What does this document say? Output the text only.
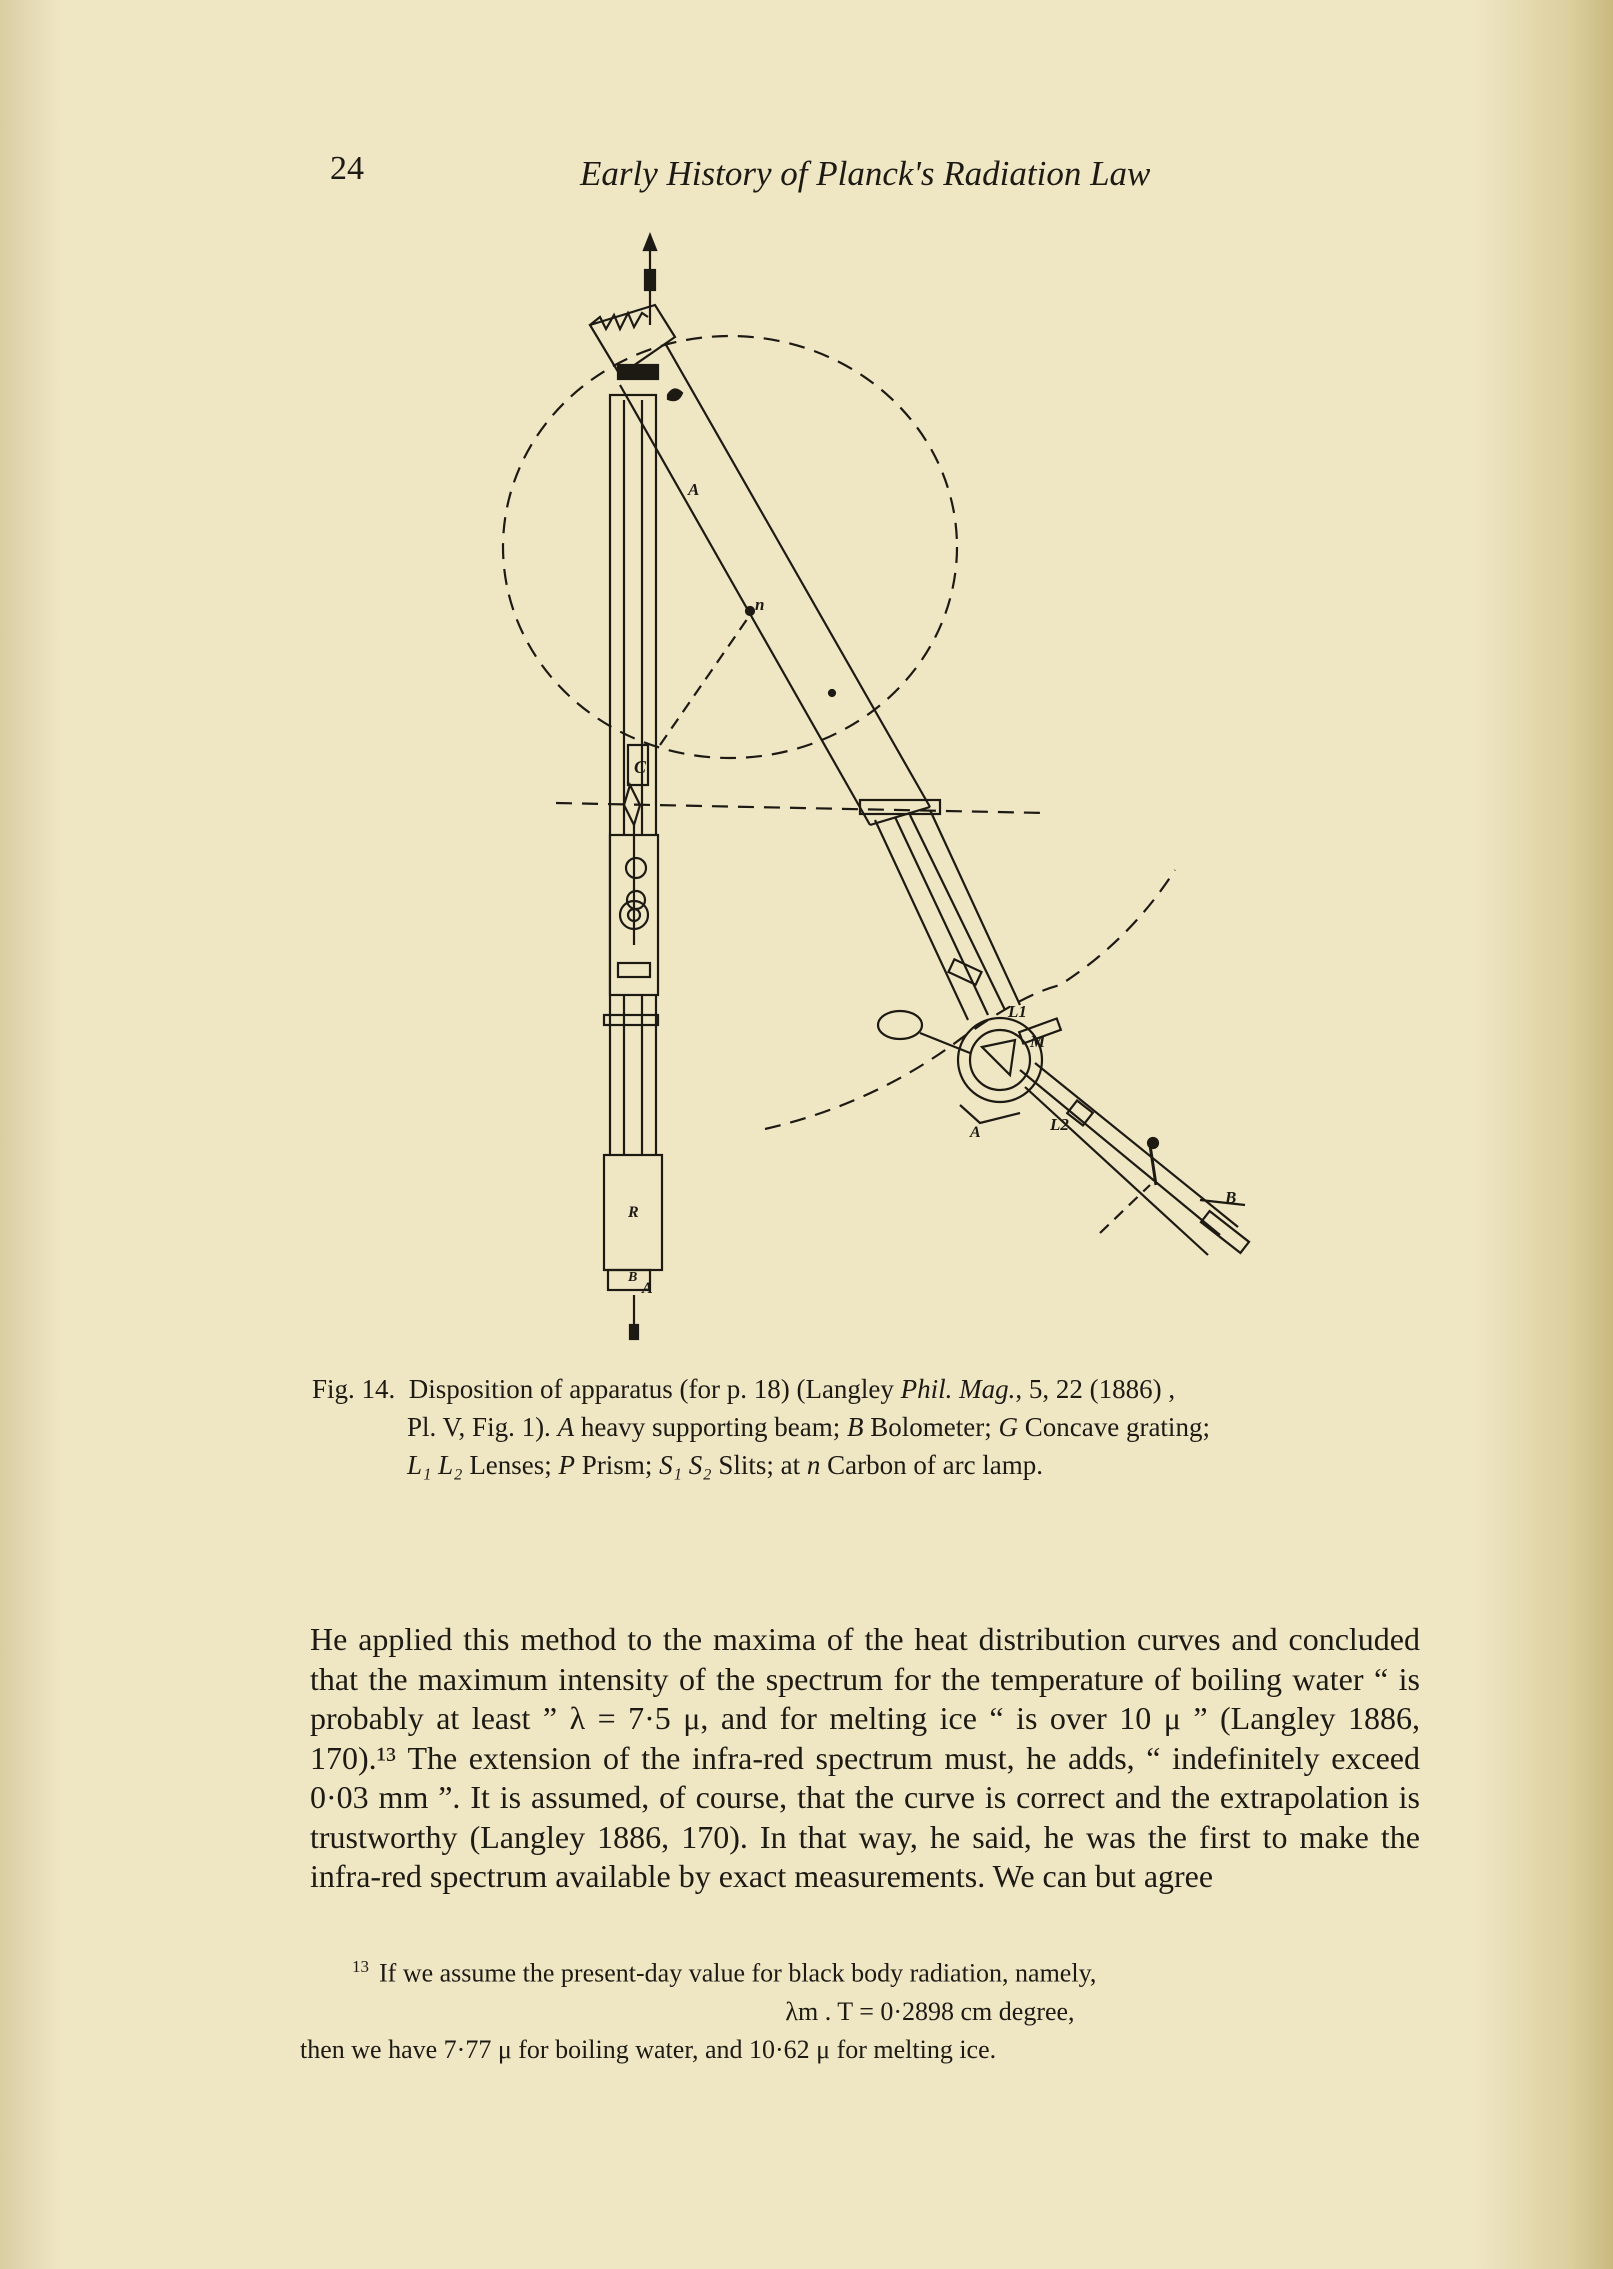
24	Early History of Planck's Radiation Law
A
n
C
L1
M
L2
A
B
R
A
B
Fig. 14. Disposition of apparatus (for p. 18) (Langley Phil. Mag., 5, 22 (1886) ,
Pl. V, Fig. 1). A heavy supporting beam; B Bolometer; G Concave grating;
L₁ L₂ Lenses; P Prism; S₁ S₂ Slits; at n Carbon of arc lamp.

He applied this method to the maxima of the heat distribution curves and concluded that the maximum intensity of the spectrum for the temperature of boiling water “ is probably at least ” λ = 7·5 μ, and for melting ice “ is over 10 μ ” (Langley 1886, 170).¹³ The extension of the infra-red spectrum must, he adds, “ indefinitely exceed 0·03 mm ”. It is assumed, of course, that the curve is correct and the extrapolation is trustworthy (Langley 1886, 170). In that way, he said, he was the first to make the infra-red spectrum available by exact measurements. We can but agree

$^{13}$ If we assume the present-day value for black body radiation, namely,
λm . T = 0·2898 cm degree,
then we have 7·77 μ for boiling water, and 10·62 μ for melting ice.
